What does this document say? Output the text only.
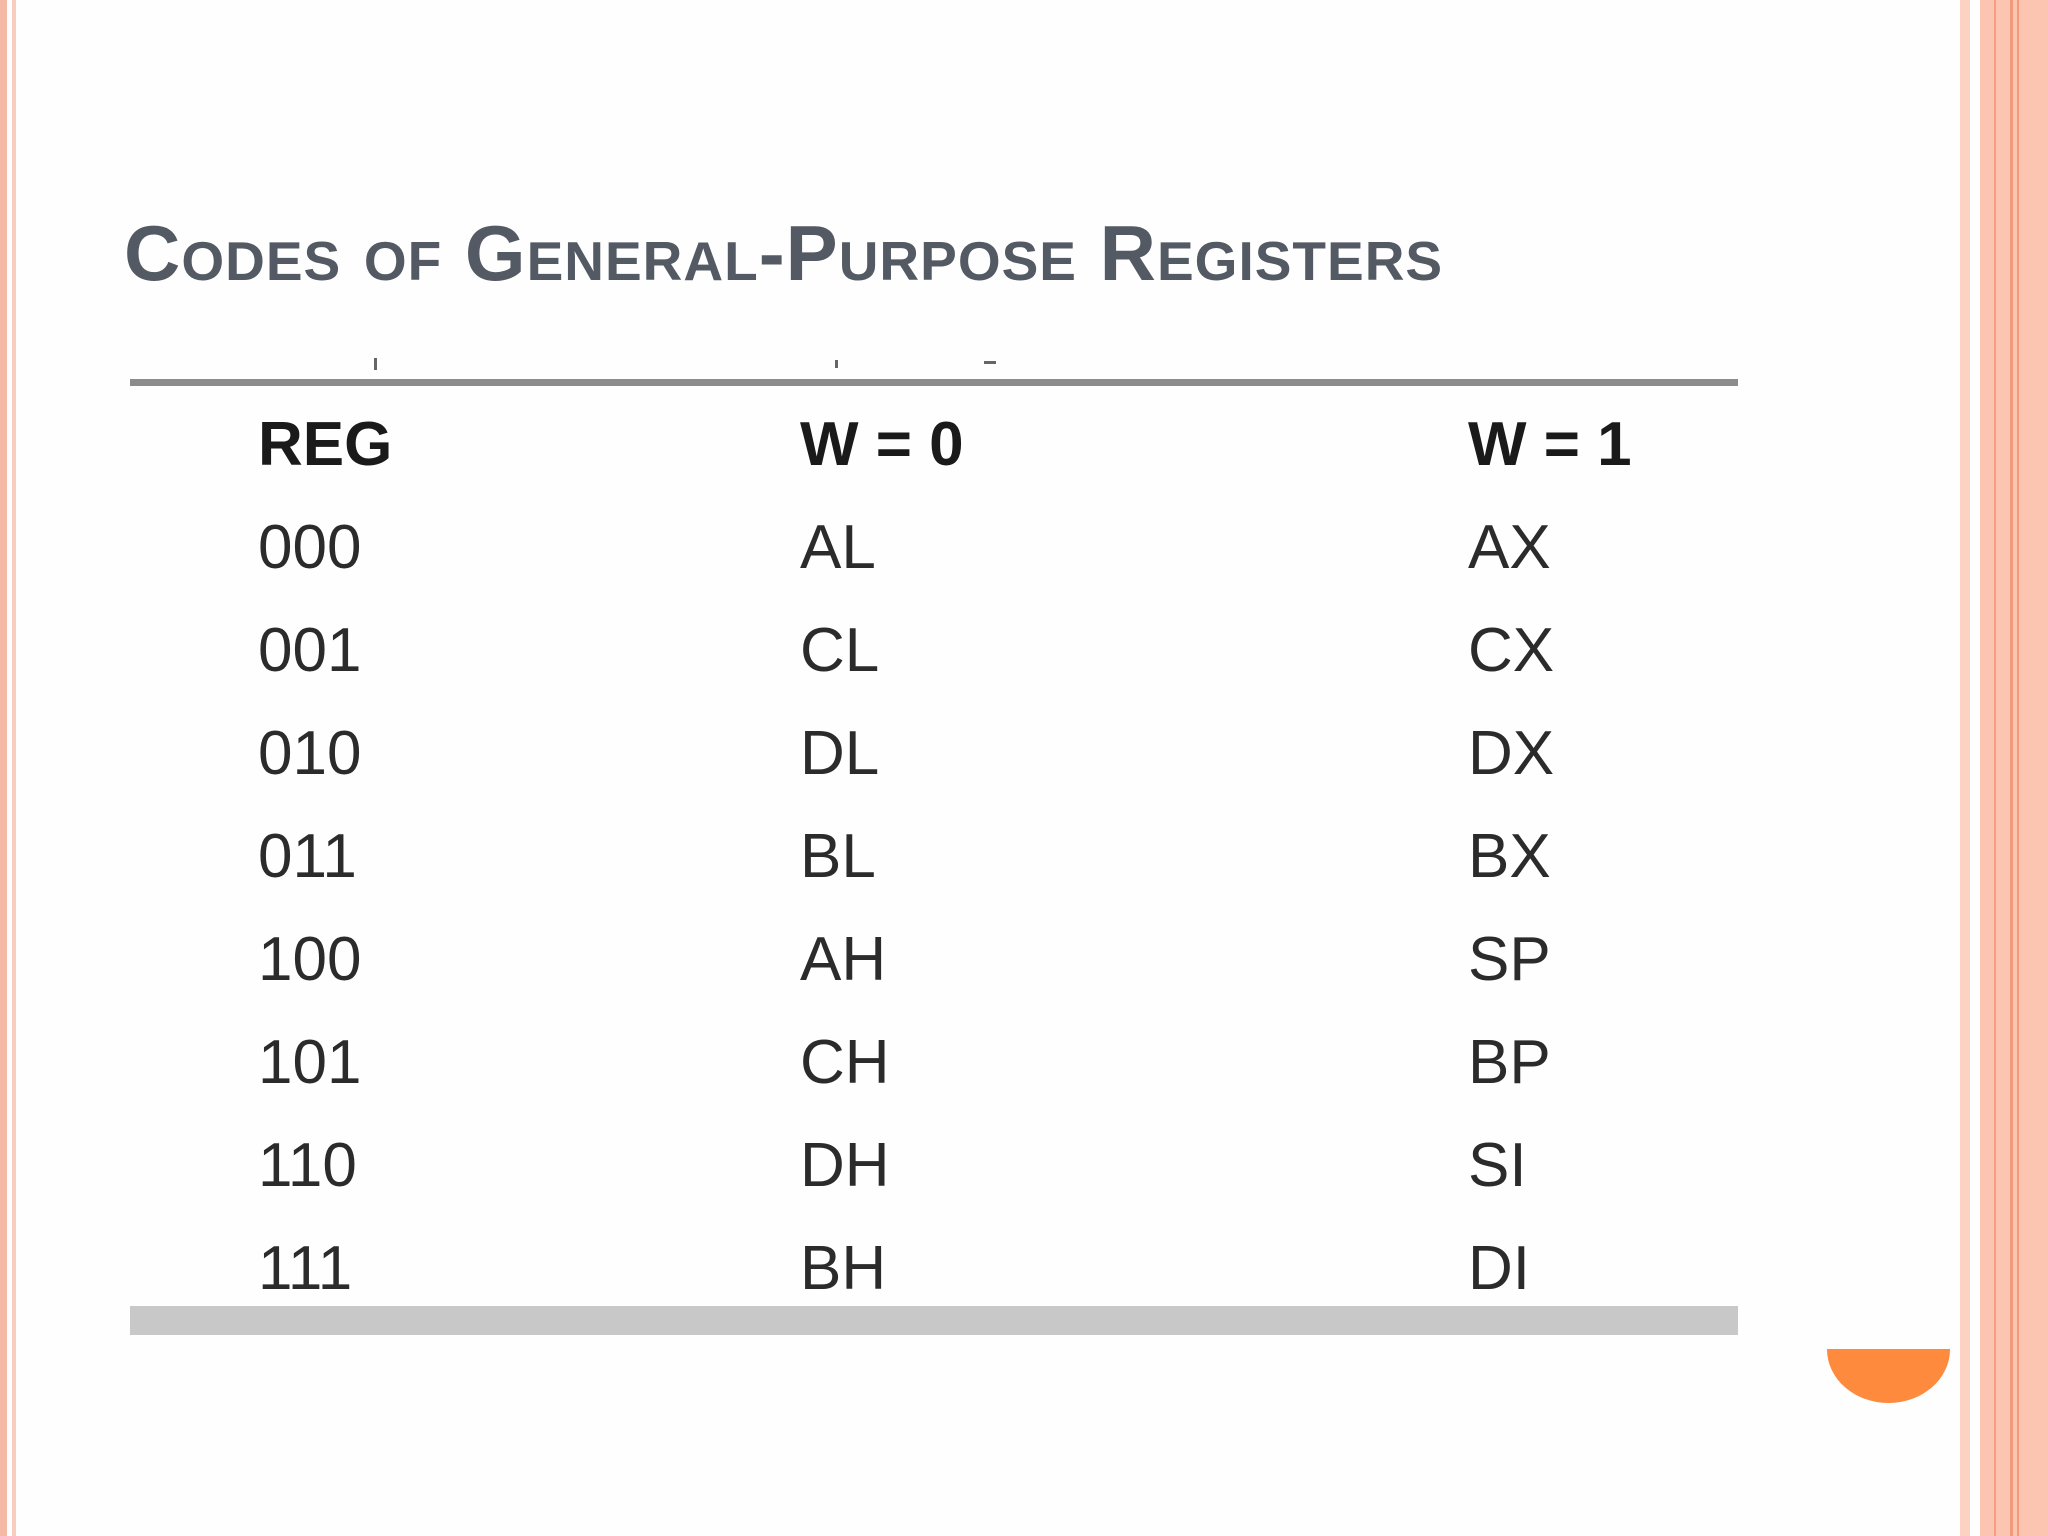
Codes of General-Purpose Registers
REG	W = 0	W = 1
000	AL	AX
001	CL	CX
010	DL	DX
011	BL	BX
100	AH	SP
101	CH	BP
110	DH	SI
111	BH	DI
